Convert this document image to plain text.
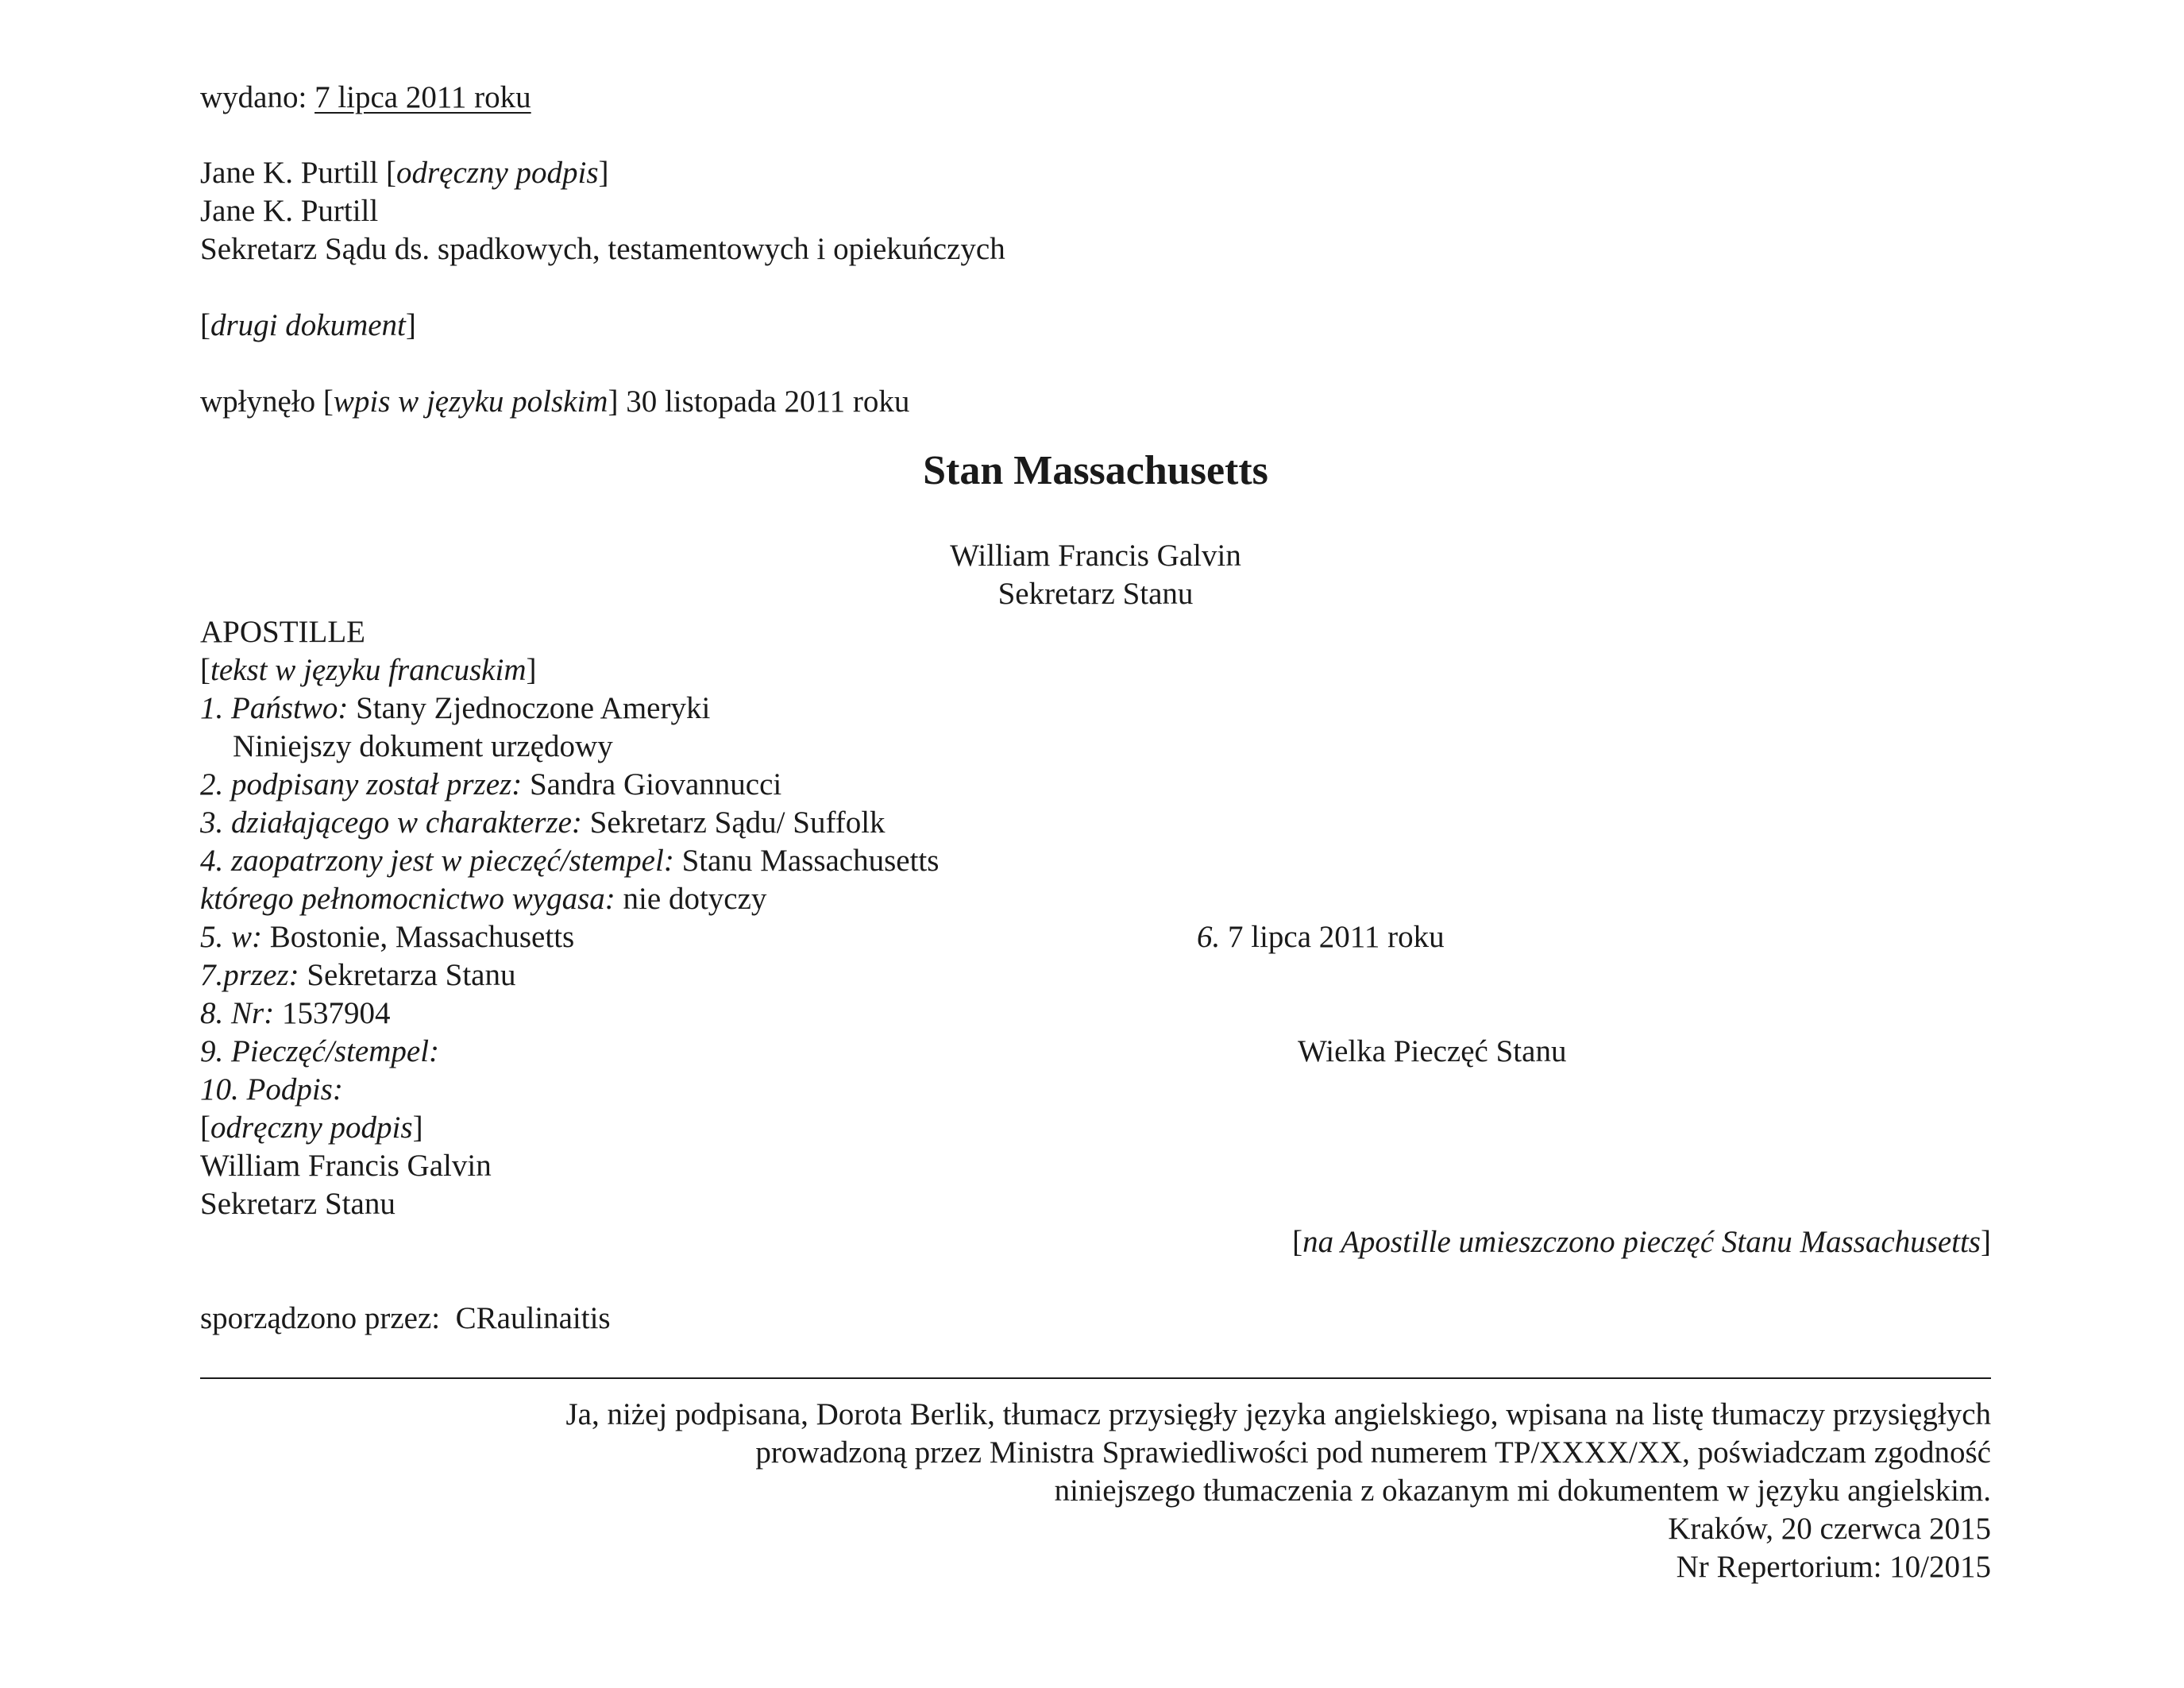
wydano: 7 lipca 2011 roku
Jane K. Purtill [odręczny podpis]
Jane K. Purtill
Sekretarz Sądu ds. spadkowych, testamentowych i opiekuńczych
[drugi dokument]
wpłynęło [wpis w języku polskim] 30 listopada 2011 roku
Stan Massachusetts
William Francis Galvin
Sekretarz Stanu
APOSTILLE
[tekst w języku francuskim]
1. Państwo: Stany Zjednoczone Ameryki
Niniejszy dokument urzędowy
2. podpisany został przez: Sandra Giovannucci
3. działającego w charakterze: Sekretarz Sądu/ Suffolk
4. zaopatrzony jest w pieczęć/stempel: Stanu Massachusetts
którego pełnomocnictwo wygasa: nie dotyczy
5. w: Bostonie, Massachusetts	6. 7 lipca 2011 roku
7.przez: Sekretarza Stanu
8. Nr: 1537904
9. Pieczęć/stempel:	Wielka Pieczęć Stanu
10. Podpis:
[odręczny podpis]
William Francis Galvin
Sekretarz Stanu
[na Apostille umieszczono pieczęć Stanu Massachusetts]
sporządzono przez: CRaulinaitis
Ja, niżej podpisana, Dorota Berlik, tłumacz przysięgły języka angielskiego, wpisana na listę tłumaczy przysięgłych
prowadzoną przez Ministra Sprawiedliwości pod numerem TP/XXXX/XX, poświadczam zgodność
niniejszego tłumaczenia z okazanym mi dokumentem w języku angielskim.
Kraków, 20 czerwca 2015
Nr Repertorium: 10/2015
